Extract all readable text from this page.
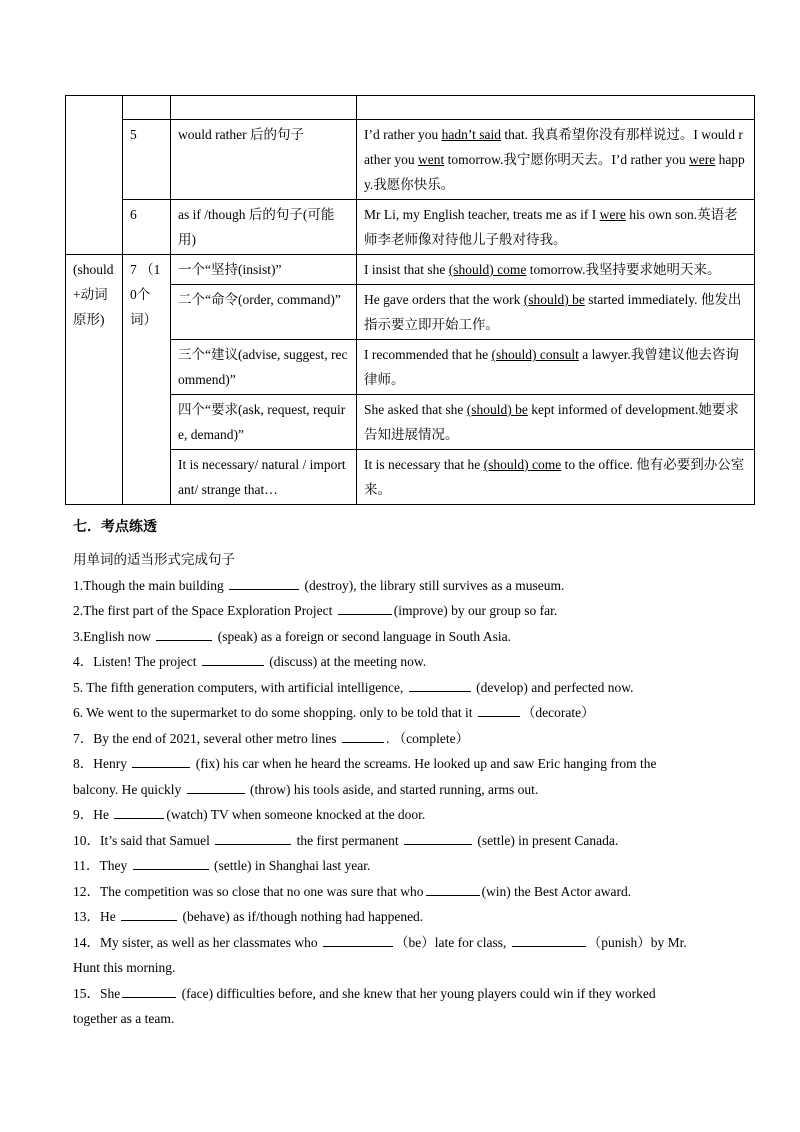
	5	would rather 后的句子	I’d rather you hadn’t said that. 我真希望你没有那样说过。I would rather you went tomorrow.我宁愿你明天去。I’d rather you were happy.我愿你快乐。
	6	as if /though 后的句子(可能用)	Mr Li, my English teacher, treats me as if I were his own son.英语老师李老师像对待他儿子般对待我。
(should +动词原形)	7 （10个词）	一个“坚持(insist)”	I insist that she (should) come tomorrow.我坚持要求她明天来。
		二个“命令(order, command)”	He gave orders that the work (should) be started immediately. 他发出指示要立即开始工作。
		三个“建议(advise, suggest, recommend)”	I recommended that he (should) consult a lawyer.我曾建议他去咨询律师。
		四个“要求(ask, request, require, demand)”	She asked that she (should) be kept informed of development.她要求告知进展情况。
		It is necessary/ natural / important/ strange that…	It is necessary that he (should) come to the office. 他有必要到办公室来。
七．考点练透
用单词的适当形式完成句子
1.Though the main building	(destroy), the library still survives as a museum.
2.The first part of the Space Exploration Project	(improve) by our group so far.
3.English now	(speak) as a foreign or second language in South Asia.
4．Listen! The project	(discuss) at the meeting now.
5. The fifth generation computers, with artificial intelligence,	(develop) and perfected now.
6. We went to the supermarket to do some shopping. only to be told that it	（decorate）
7．By the end of 2021, several other metro lines	. （complete）
8．Henry	(fix) his car when he heard the screams. He looked up and saw Eric hanging from the
balcony. He quickly	(throw) his tools aside, and started running, arms out.
9．He	(watch) TV when someone knocked at the door.
10．It’s said that Samuel	the first permanent	(settle) in present Canada.
11．They	(settle) in Shanghai last year.
12．The competition was so close that no one was sure that who	(win) the Best Actor award.
13．He	(behave) as if/though nothing had happened.
14．My sister, as well as her classmates who	（be）late for class,	（punish）by Mr.
Hunt this morning.
15．She	(face) difficulties before, and she knew that her young players could win if they worked
together as a team.
